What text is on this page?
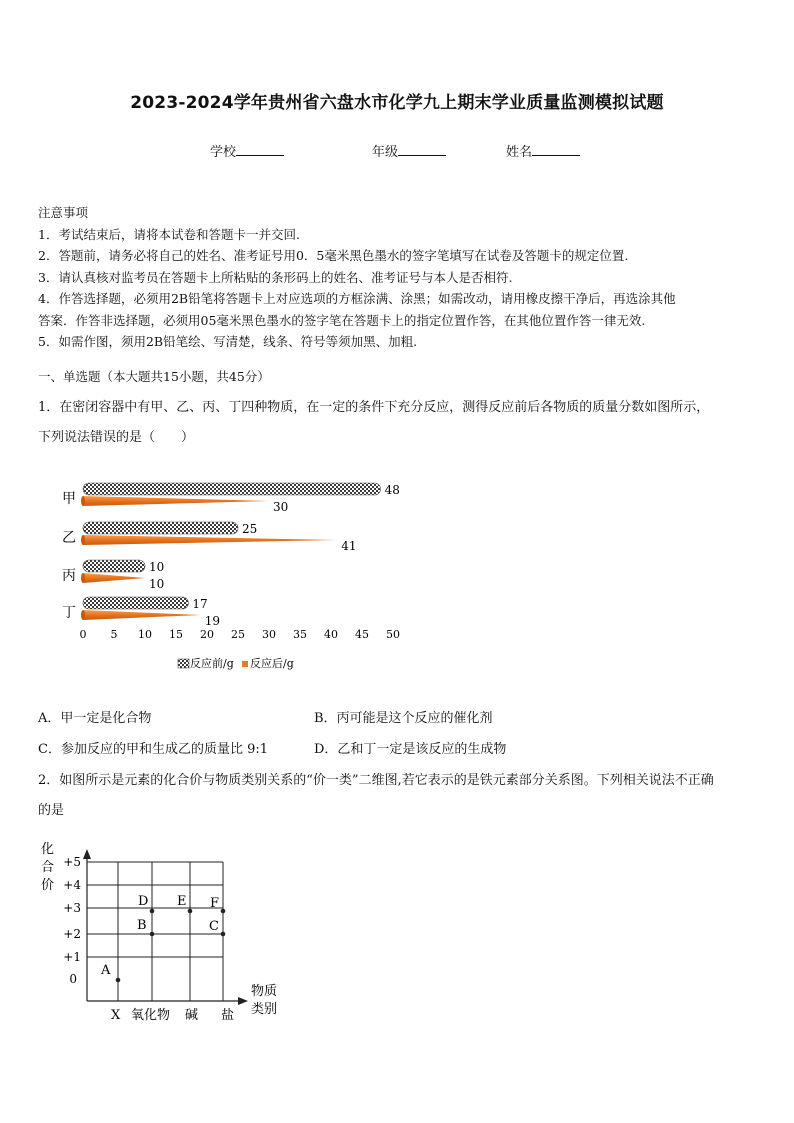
2023-2024学年贵州省六盘水市化学九上期末学业质量监测模拟试题
学校	年级	姓名

注意事项

1．考试结束后，请将本试卷和答题卡一并交回.

2．答题前，请务必将自己的姓名、准考证号用0．5毫米黑色墨水的签字笔填写在试卷及答题卡的规定位置.

3．请认真核对监考员在答题卡上所粘贴的条形码上的姓名、准考证号与本人是否相符.

4．作答选择题，必须用2B铅笔将答题卡上对应选项的方框涂满、涂黑；如需改动，请用橡皮擦干净后，再选涂其他

答案．作答非选择题，必须用05毫米黑色墨水的签字笔在答题卡上的指定位置作答，在其他位置作答一律无效.

5．如需作图，须用2B铅笔绘、写清楚，线条、符号等须加黑、加粗.

一、单选题（本大题共15小题，共45分）
1．在密闭容器中有甲、乙、丙、丁四种物质，在一定的条件下充分反应，测得反应前后各物质的质量分数如图所示，
下列说法错误的是（　　）
48
30
25
41
10
10
17
19
甲
乙
丙
丁
0 5 10 15 20 25 30 35 40 45 50
反应前/g 反应后/g
A．甲一定是化合物	B．丙可能是这个反应的催化剂
C．参加反应的甲和生成乙的质量比 9:1	D．乙和丁一定是该反应的生成物
2．如图所示是元素的化合价与物质类别关系的“价一类”二维图,若它表示的是铁元素部分关系图。下列相关说法不正确
的是
化
合
价
+5
+4
+3
+2
+1
0
X 氧化物 碱 盐
物质
类别
A
B	C
D E F
